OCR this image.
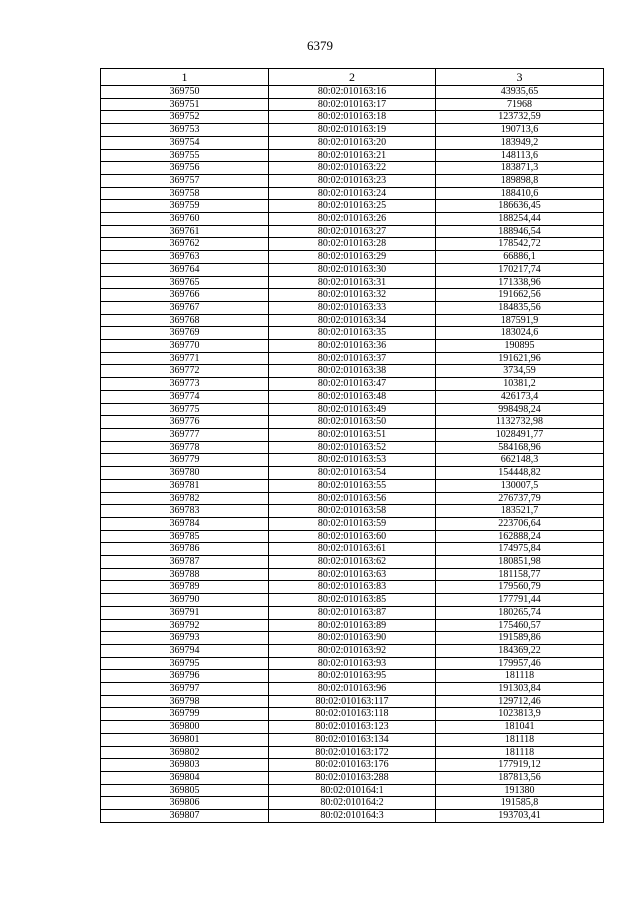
6379
1	2	3
369750	80:02:010163:16	43935,65
369751	80:02:010163:17	71968
369752	80:02:010163:18	123732,59
369753	80:02:010163:19	190713,6
369754	80:02:010163:20	183949,2
369755	80:02:010163:21	148113,6
369756	80:02:010163:22	183871,3
369757	80:02:010163:23	189898,8
369758	80:02:010163:24	188410,6
369759	80:02:010163:25	186636,45
369760	80:02:010163:26	188254,44
369761	80:02:010163:27	188946,54
369762	80:02:010163:28	178542,72
369763	80:02:010163:29	66886,1
369764	80:02:010163:30	170217,74
369765	80:02:010163:31	171338,96
369766	80:02:010163:32	191662,56
369767	80:02:010163:33	184835,56
369768	80:02:010163:34	187591,9
369769	80:02:010163:35	183024,6
369770	80:02:010163:36	190895
369771	80:02:010163:37	191621,96
369772	80:02:010163:38	3734,59
369773	80:02:010163:47	10381,2
369774	80:02:010163:48	426173,4
369775	80:02:010163:49	998498,24
369776	80:02:010163:50	1132732,98
369777	80:02:010163:51	1028491,77
369778	80:02:010163:52	584168,96
369779	80:02:010163:53	662148,3
369780	80:02:010163:54	154448,82
369781	80:02:010163:55	130007,5
369782	80:02:010163:56	276737,79
369783	80:02:010163:58	183521,7
369784	80:02:010163:59	223706,64
369785	80:02:010163:60	162888,24
369786	80:02:010163:61	174975,84
369787	80:02:010163:62	180851,98
369788	80:02:010163:63	181158,77
369789	80:02:010163:83	179560,79
369790	80:02:010163:85	177791,44
369791	80:02:010163:87	180265,74
369792	80:02:010163:89	175460,57
369793	80:02:010163:90	191589,86
369794	80:02:010163:92	184369,22
369795	80:02:010163:93	179957,46
369796	80:02:010163:95	181118
369797	80:02:010163:96	191303,84
369798	80:02:010163:117	129712,46
369799	80:02:010163:118	1023813,9
369800	80:02:010163:123	181041
369801	80:02:010163:134	181118
369802	80:02:010163:172	181118
369803	80:02:010163:176	177919,12
369804	80:02:010163:288	187813,56
369805	80:02:010164:1	191380
369806	80:02:010164:2	191585,8
369807	80:02:010164:3	193703,41
